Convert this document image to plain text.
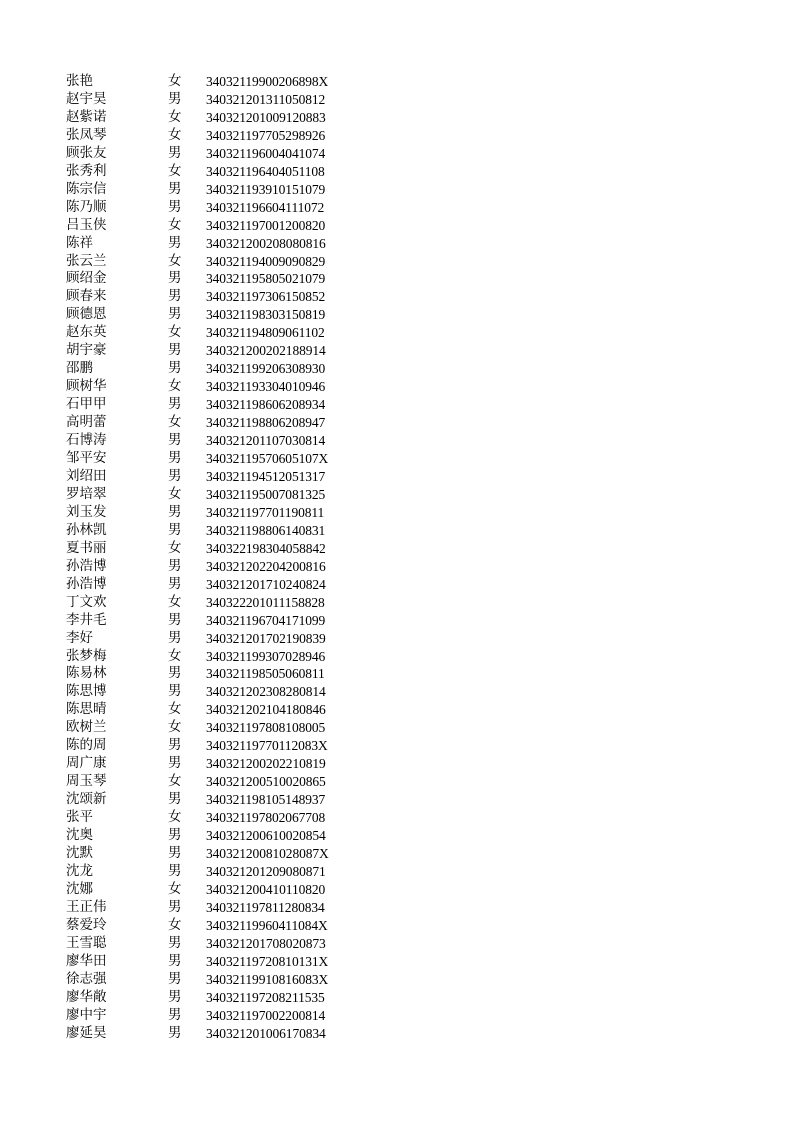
张艳	女	34032119900206898X
赵宇昊	男	340321201311050812
赵紫诺	女	340321201009120883
张凤琴	女	340321197705298926
顾张友	男	340321196004041074
张秀利	女	340321196404051108
陈宗信	男	340321193910151079
陈乃顺	男	340321196604111072
吕玉侠	女	340321197001200820
陈祥	男	340321200208080816
张云兰	女	340321194009090829
顾绍金	男	340321195805021079
顾春来	男	340321197306150852
顾德恩	男	340321198303150819
赵东英	女	340321194809061102
胡宇豪	男	340321200202188914
邵鹏	男	340321199206308930
顾树华	女	340321193304010946
石甲甲	男	340321198606208934
高明蕾	女	340321198806208947
石博涛	男	340321201107030814
邹平安	男	34032119570605107X
刘绍田	男	340321194512051317
罗培翠	女	340321195007081325
刘玉发	男	340321197701190811
孙林凯	男	340321198806140831
夏书丽	女	340322198304058842
孙浩博	男	340321202204200816
孙浩博	男	340321201710240824
丁文欢	女	340322201011158828
李井毛	男	340321196704171099
李好	男	340321201702190839
张梦梅	女	340321199307028946
陈易林	男	340321198505060811
陈思博	男	340321202308280814
陈思晴	女	340321202104180846
欧树兰	女	340321197808108005
陈的周	男	34032119770112083X
周广康	男	340321200202210819
周玉琴	女	340321200510020865
沈颂新	男	340321198105148937
张平	女	340321197802067708
沈奥	男	340321200610020854
沈默	男	34032120081028087X
沈龙	男	340321201209080871
沈娜	女	340321200410110820
王正伟	男	340321197811280834
蔡爱玲	女	34032119960411084X
王雪聪	男	340321201708020873
廖华田	男	34032119720810131X
徐志强	男	34032119910816083X
廖华敞	男	340321197208211535
廖中宇	男	340321197002200814
廖延昊	男	340321201006170834
